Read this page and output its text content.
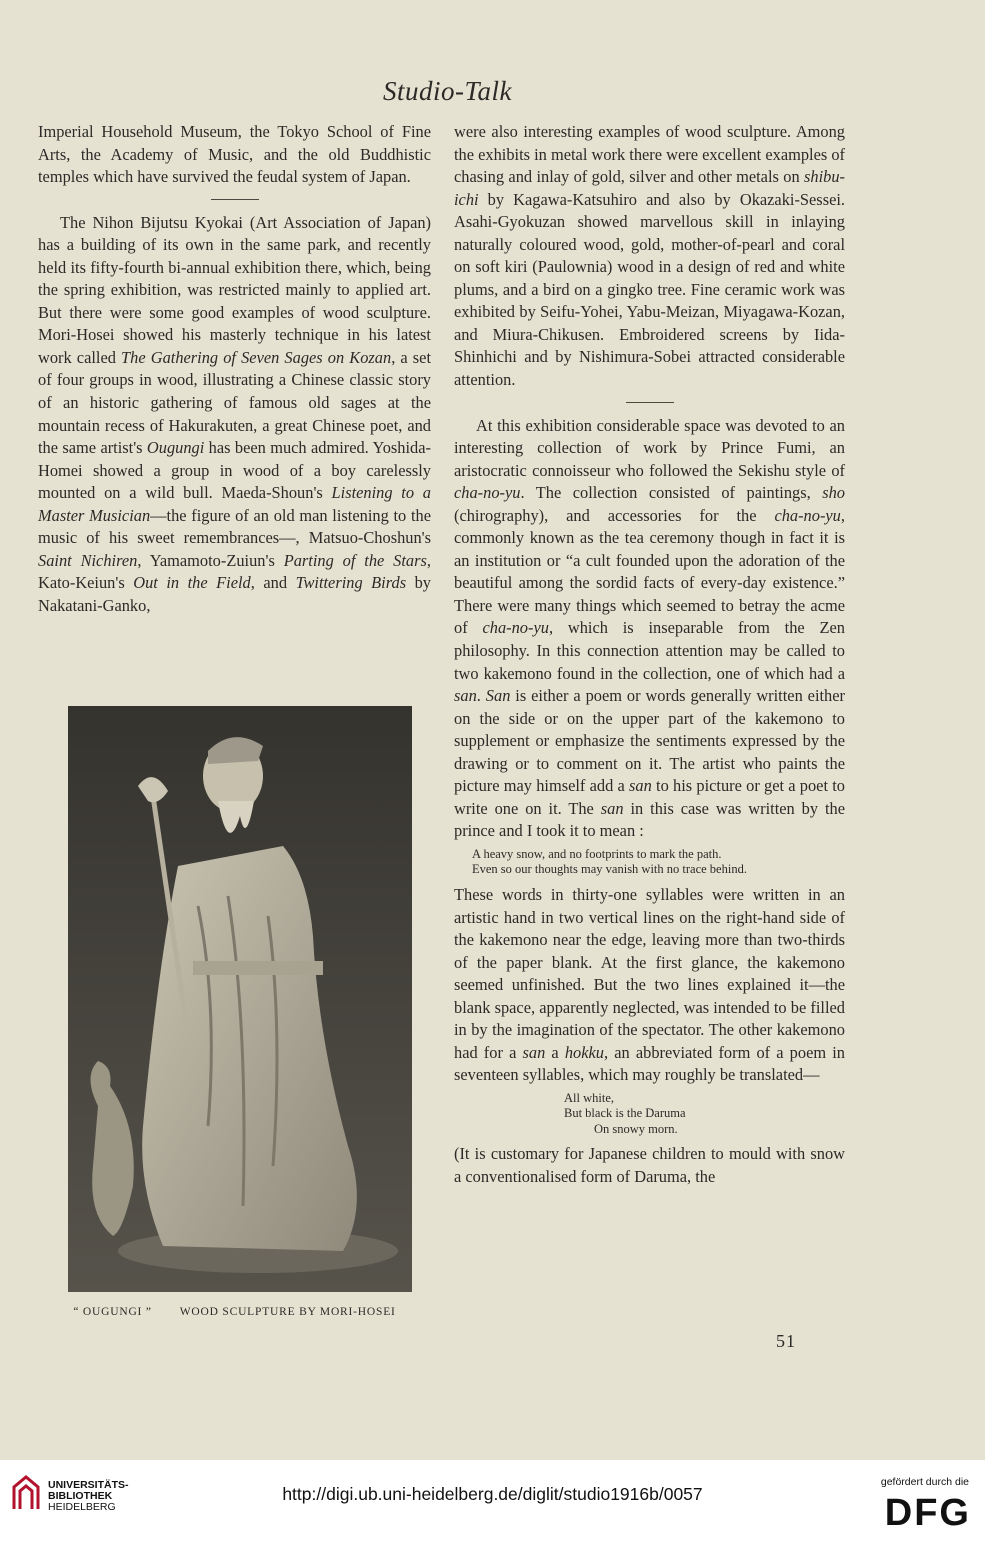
Studio-Talk

Imperial Household Museum, the Tokyo School of Fine Arts, the Academy of Music, and the old Buddhistic temples which have survived the feudal system of Japan.

The Nihon Bijutsu Kyokai (Art Association of Japan) has a building of its own in the same park, and recently held its fifty-fourth bi-annual exhibition there, which, being the spring exhibition, was restricted mainly to applied art. But there were some good examples of wood sculpture. Mori-Hosei showed his masterly technique in his latest work called The Gathering of Seven Sages on Kozan, a set of four groups in wood, illustrating a Chinese classic story of an historic gathering of famous old sages at the mountain recess of Hakurakuten, a great Chinese poet, and the same artist's Ougungi has been much admired. Yoshida-Homei showed a group in wood of a boy carelessly mounted on a wild bull. Maeda-Shoun's Listening to a Master Musician—the figure of an old man listening to the music of his sweet remembrances—, Matsuo-Choshun's Saint Nichiren, Yamamoto-Zuiun's Parting of the Stars, Kato-Keiun's Out in the Field, and Twittering Birds by Nakatani-Ganko,

“ OUGUNGI ” WOOD SCULPTURE BY MORI-HOSEI

were also interesting examples of wood sculpture. Among the exhibits in metal work there were excellent examples of chasing and inlay of gold, silver and other metals on shibu-ichi by Kagawa-Katsuhiro and also by Okazaki-Sessei. Asahi-Gyokuzan showed marvellous skill in inlaying naturally coloured wood, gold, mother-of-pearl and coral on soft kiri (Paulownia) wood in a design of red and white plums, and a bird on a gingko tree. Fine ceramic work was exhibited by Seifu-Yohei, Yabu-Meizan, Miyagawa-Kozan, and Miura-Chikusen. Embroidered screens by Iida-Shinhichi and by Nishimura-Sobei attracted considerable attention.

At this exhibition considerable space was devoted to an interesting collection of work by Prince Fumi, an aristocratic connoisseur who followed the Sekishu style of cha-no-yu. The collection consisted of paintings, sho (chirography), and accessories for the cha-no-yu, commonly known as the tea ceremony though in fact it is an institution or “a cult founded upon the adoration of the beautiful among the sordid facts of every-day existence.” There were many things which seemed to betray the acme of cha-no-yu, which is inseparable from the Zen philosophy. In this connection attention may be called to two kakemono found in the collection, one of which had a san. San is either a poem or words generally written either on the side or on the upper part of the kakemono to supplement or emphasize the sentiments expressed by the drawing or to comment on it. The artist who paints the picture may himself add a san to his picture or get a poet to write one on it. The san in this case was written by the prince and I took it to mean :

A heavy snow, and no footprints to mark the path.
Even so our thoughts may vanish with no trace behind.

These words in thirty-one syllables were written in an artistic hand in two vertical lines on the right-hand side of the kakemono near the edge, leaving more than two-thirds of the paper blank. At the first glance, the kakemono seemed unfinished. But the two lines explained it—the blank space, apparently neglected, was intended to be filled in by the imagination of the spectator. The other kakemono had for a san a hokku, an abbreviated form of a poem in seventeen syllables, which may roughly be translated—

All white,
But black is the Daruma
On snowy morn.

(It is customary for Japanese children to mould with snow a conventionalised form of Daruma, the

51
UNIVERSITÄTS-
BIBLIOTHEK
HEIDELBERG
http://digi.ub.uni-heidelberg.de/diglit/studio1916b/0057
gefördert durch die
DFG
